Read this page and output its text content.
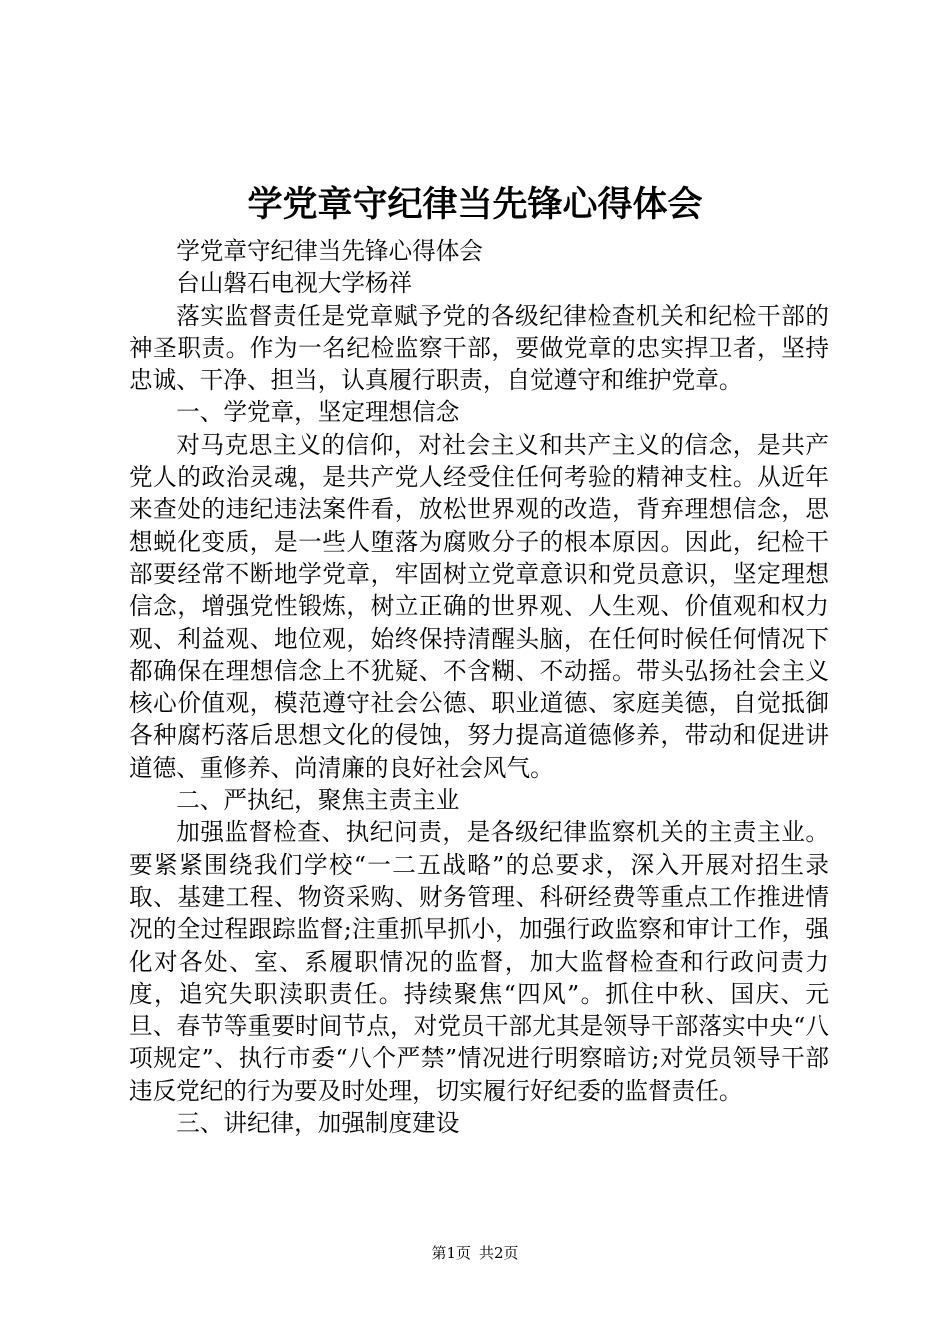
学党章守纪律当先锋心得体会

学党章守纪律当先锋心得体会

台山磐石电视大学杨祥

落实监督责任是党章赋予党的各级纪律检查机关和纪检干部的神圣职责。作为一名纪检监察干部，要做党章的忠实捍卫者，坚持忠诚、干净、担当，认真履行职责，自觉遵守和维护党章。

一、学党章，坚定理想信念

对马克思主义的信仰，对社会主义和共产主义的信念，是共产党人的政治灵魂，是共产党人经受住任何考验的精神支柱。从近年来查处的违纪违法案件看，放松世界观的改造，背弃理想信念，思想蜕化变质，是一些人堕落为腐败分子的根本原因。因此，纪检干部要经常不断地学党章，牢固树立党章意识和党员意识，坚定理想信念，增强党性锻炼，树立正确的世界观、人生观、价值观和权力观、利益观、地位观，始终保持清醒头脑，在任何时候任何情况下都确保在理想信念上不犹疑、不含糊、不动摇。带头弘扬社会主义核心价值观，模范遵守社会公德、职业道德、家庭美德，自觉抵御各种腐朽落后思想文化的侵蚀，努力提高道德修养，带动和促进讲道德、重修养、尚清廉的良好社会风气。

二、严执纪，聚焦主责主业

加强监督检查、执纪问责，是各级纪律监察机关的主责主业。要紧紧围绕我们学校“一二五战略”的总要求，深入开展对招生录取、基建工程、物资采购、财务管理、科研经费等重点工作推进情况的全过程跟踪监督;注重抓早抓小，加强行政监察和审计工作，强化对各处、室、系履职情况的监督，加大监督检查和行政问责力度，追究失职渎职责任。持续聚焦“四风”。抓住中秋、国庆、元旦、春节等重要时间节点，对党员干部尤其是领导干部落实中央“八项规定”、执行市委“八个严禁”情况进行明察暗访;对党员领导干部违反党纪的行为要及时处理，切实履行好纪委的监督责任。

三、讲纪律，加强制度建设

第1页 共2页
